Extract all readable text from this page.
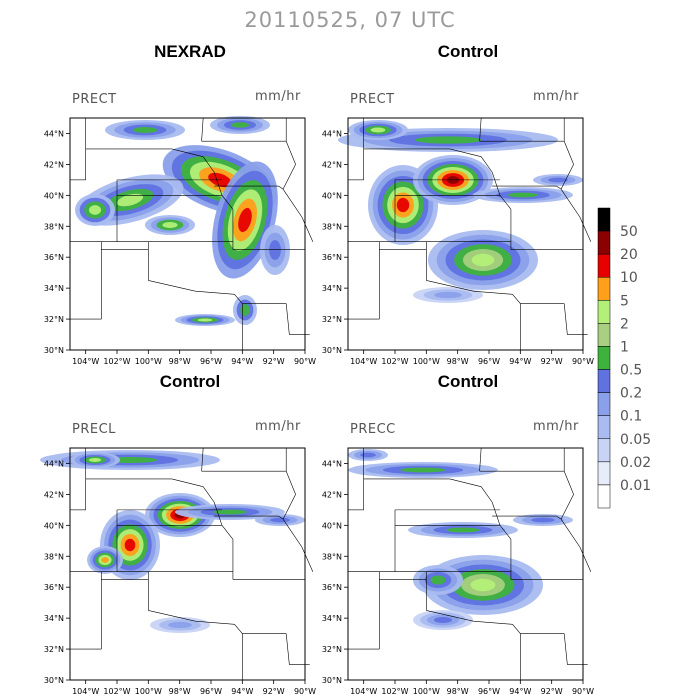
20110525, 07 UTC
NEXRAD
PRECT	mm/hr
104°W 102°W 100°W 98°W 96°W 94°W 92°W 90°W
44°N
42°N
40°N
38°N
36°N
34°N
32°N
30°N
Control
PRECT	mm/hr
104°W 102°W 100°W 98°W 96°W 94°W 92°W 90°W
44°N
42°N
40°N
38°N
36°N
34°N
32°N
30°N
Control
PRECL	mm/hr
104°W 102°W 100°W 98°W 96°W 94°W 92°W 90°W
44°N
42°N
40°N
38°N
36°N
34°N
32°N
30°N
Control
PRECC	mm/hr
104°W 102°W 100°W 98°W 96°W 94°W 92°W 90°W
44°N
42°N
40°N
38°N
36°N
34°N
32°N
30°N
50
20
10
5
2
1
0.5
0.2
0.1
0.05
0.02
0.01
